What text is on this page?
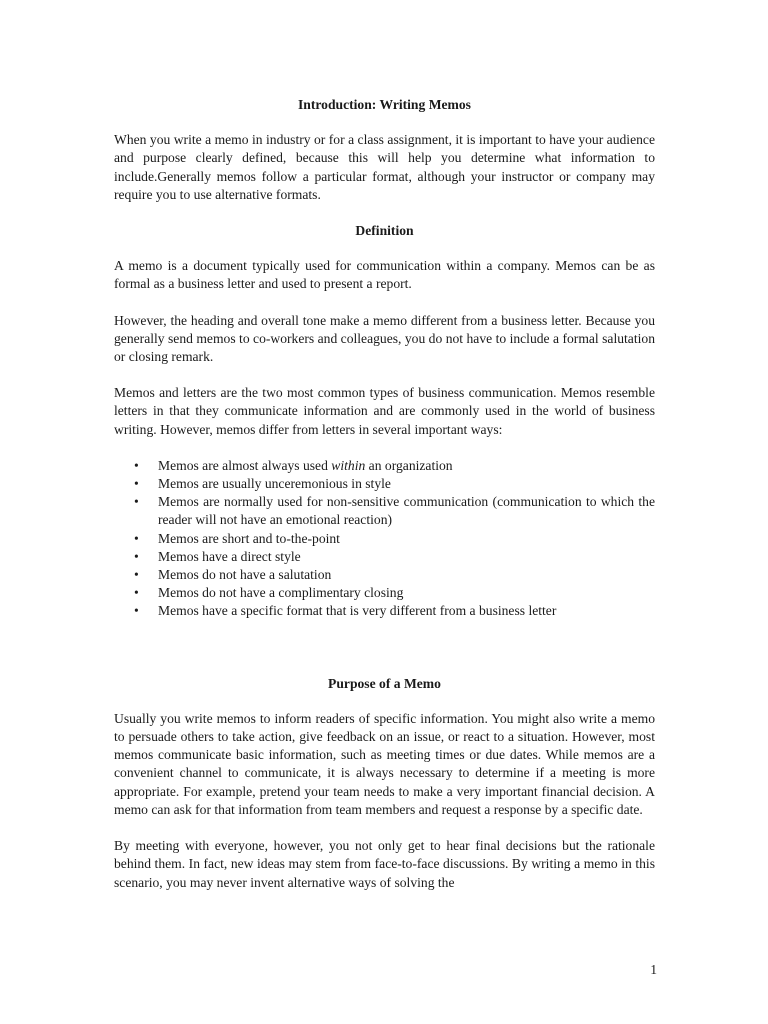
Introduction: Writing Memos

When you write a memo in industry or for a class assignment, it is important to have your audience and purpose clearly defined, because this will help you determine what information to include.Generally memos follow a particular format, although your instructor or company may require you to use alternative formats.

Definition

A memo is a document typically used for communication within a company. Memos can be as formal as a business letter and used to present a report.

However, the heading and overall tone make a memo different from a business letter. Because you generally send memos to co-workers and colleagues, you do not have to include a formal salutation or closing remark.

Memos and letters are the two most common types of business communication. Memos resemble letters in that they communicate information and are commonly used in the world of business writing. However, memos differ from letters in several important ways:

• Memos are almost always used within an organization
• Memos are usually unceremonious in style
• Memos are normally used for non-sensitive communication (communication to which the reader will not have an emotional reaction)
• Memos are short and to-the-point
• Memos have a direct style
• Memos do not have a salutation
• Memos do not have a complimentary closing
• Memos have a specific format that is very different from a business letter
Purpose of a Memo

Usually you write memos to inform readers of specific information. You might also write a memo to persuade others to take action, give feedback on an issue, or react to a situation. However, most memos communicate basic information, such as meeting times or due dates. While memos are a convenient channel to communicate, it is always necessary to determine if a meeting is more appropriate. For example, pretend your team needs to make a very important financial decision. A memo can ask for that information from team members and request a response by a specific date.

By meeting with everyone, however, you not only get to hear final decisions but the rationale behind them. In fact, new ideas may stem from face-to-face discussions. By writing a memo in this scenario, you may never invent alternative ways of solving the

1
